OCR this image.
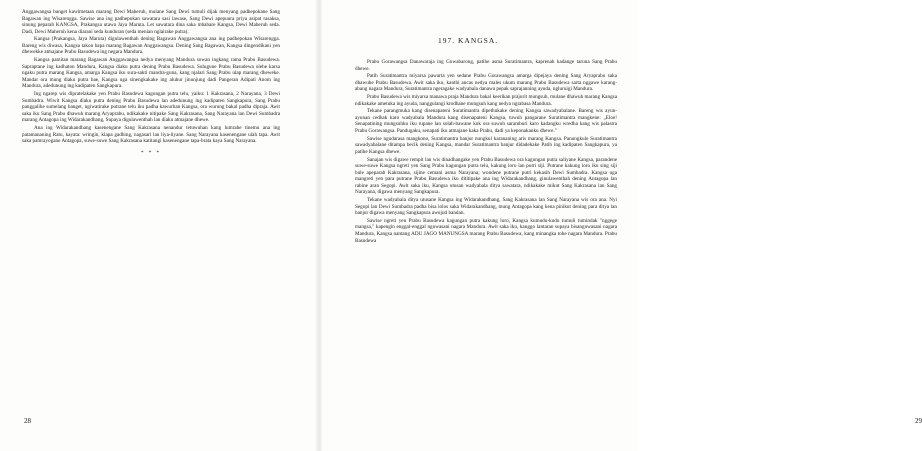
Anggawangsa banget kawimetaan marang Dewi Maheruh, mulane Sang Dewi tumuli dijak menyang padhepokane Sang Bagawan ing Wisarengga. Sawise ana ing padhepokan sawatara sasi lawase, Sang Dewi apepuura priya asipat rasaksa, sinung peparab KANGSA, Prakangsa utawa Jaya Maruta. Let sawatara dina saka mbabare Kangsa, Dewi Maheruh seda. Dadi, Dewi Maheruh kena diarani seda kunduran (seda menian nglairake putra).

Kangsa (Prakangsa, Jaya Maruta) digulawenthah dening Bagawan Anggawangsa ana ing padhepokan Wisarengga. Bareng wis diwasa, Kangsa takon bapa marang Bagawan Anggawangsa. Dening Sang Bagawan, Kangsa dingendikani yen dhewekke atmajane Prabu Basudewa ing negara Mandura.

Kangsa pamitan marang Bagawan Anggawangsa nedya menyang Mandura sowan ingkang rama Prabu Basudewa. Sapraptane ing kadhaton Mandura, Kangsa diaku putra dening Prabu Basudewa. Sulugune Prabu Basudewa olehe karsa ngaku putra marang Kangsa, amarga Kangsa iku sura-sakti mandra-guna, kang njalari Sang Prabu ulap marang dheweke. Mandar ora mung diaku putra bae, Kangsa uga sinengkakake ing aluhur jinunjung dadi Pangeran Adipati Anom ing Mandura, adedunung ing kadipaten Sangkapura.

Ing ngarep wis dipratelakake yen Prabu Basudewa kagungan putra telu, yaiku: 1 Kakrasana, 2 Narayana, 3 Dewi Sumbadra. Wiwit Kangsa diaku putra dening Prabu Basudewa lan adedunung ing kadipaten Sangkapura, Sang Prabu panggalihe sumelang banget, ngiwatirake putrane telu iku padha kawurhan Kangsa, ora wurung bakal padha dipraja. Awit saka iku Sang Prabu dhawuh marang Aryaprabu, ndikakake nitipake Sang Kakrasana, Sang Narayana lan Dewi Sumbadra marang Antagopa ing Widarakandhang, Supaya digulawenthah lan diaku atmajane dhewe.

Ana ing Widarakandhang kasenengane Sang Kakrasana nenandur tetuwuhan kang lumrahe tinemu ana ing patamananing Ratu, kayata: wringin, klapa gadhing, nagasari lan liya-liyane. Sang Narayana kasenengane ulah tapa. Awit saka pamrayogane Antagopa, suwe-suwe Sang Kakrasana katitangi kasenengane tapa-brata kaya Sang Narayana.

* * *
28

Prabu Gorawangsa Danawaraja ing Guwabarong, patihe asma Suratimantra, kaprenah kadange taruna Sang Prabu dhewe.

Patih Suratimantra miyarsa pawarta yen sedane Prabu Gorawangsa amarga dipejaya dening Sang Aryaprabu saka dhawuhe Prabu Basudewa. Awit saka iku, kanthi ancas nedya males ukum marang Prabu Basudewa sarta nggawe karang-abang nagara Mandura, Suratimantra ngeragake wadyabala danawa pepak saprajanning ayuda, ngluruigi Mandura.

Prabu Basudewa wis miyarsa manawa praja Mandura bakal keerikan prajurit mungsuh, mulane dhawuh marang Kangsa ndikakake ametuka ing ayuda, nanggulangi krodhane mungsuh kang nedya ngrabasa Mandura.

Tekane parangmuka kang disenapateni Suratimantra dipethukake dening Kangsa sawadyabalane. Bareng wis ayun-ayunan cedhak karo wadyabala Mandura kang disenapateni Kangsa, tuwuh pangarane Suratimantra mangkene: „Eloe! Senapatining mungsuhku iku rupane lan solah-bawane kok ora suwuh saramburi karo kadangku wredha kang wis palastra Prabu Gorawangsa. Pandugaku, senapati iku atmajane kaka Prabu, dadi ya keponakanku dhewe."

Sawise ngudarasa mangkono, Suratimantra banjur nungkul karananing aris marang Kangsa. Panungkule Suratimantra sawadyabalane ditampa becik dening Kangsa, mandar Suratimantra banjur didadekake Patih ing kadipaten Sangkapura, ya patihe Kangsa dhewe.

Sanajan wis digawe rempit lan wis dinadhangake yen Prabu Basudewa ora kagungan putra saliyane Kangsa, parandene suwe-suwe Kangsa ngreti yen Sang Prabu kagungan putra telu, kakung loro lan putri siji. Putrane kakung loro iku sing siji bule apeparab Kakrasana, sijine cemani asma Narayana; wondene putrane putri kekasih Dewi Sumbadra. Kangsa uga mangreti yen para putrane Prabu Basudewa iku dititipake ana ing Widarakandhang, ginulawenthah dening Antagopa lan rabine aran Segopi. Awit saka iku, Kangsa utusan wadyabala ditya sawatara, ndikakake mikut Sang Kakrasana lan Sang Narayana, digawa menyang Sangkapura.

Tekane wadyabala ditya utusane Kangsa ing Widarakandhang, Sang Kakrasana lan Sang Narayana wis ora ana. Nyi Segopi lan Dewi Sumbadra padha bisa lolos saka Widarakandhang, mung Antagopa kang kena pinikut dening para ditya lan banjur digawa menyang Sangkapura awujud bandan.

Sawise ngreti yen Prabu Basudewa kagungan putra kakung loro, Kangsa kumudu-kudu tumuli tumindak "nggege mangsa," kapengin enggal-enggal nguwasani nagara Mandura. Awit saka iku, kanggo lantaran supaya bisanguwasani nagara Mandura, Kangsa nantang ADU JAGO MANUNGSA marang Prabu Basudewa, kang minangka tohe nagara Mandura. Prabu Basudewa

29
197. KANGSA.
